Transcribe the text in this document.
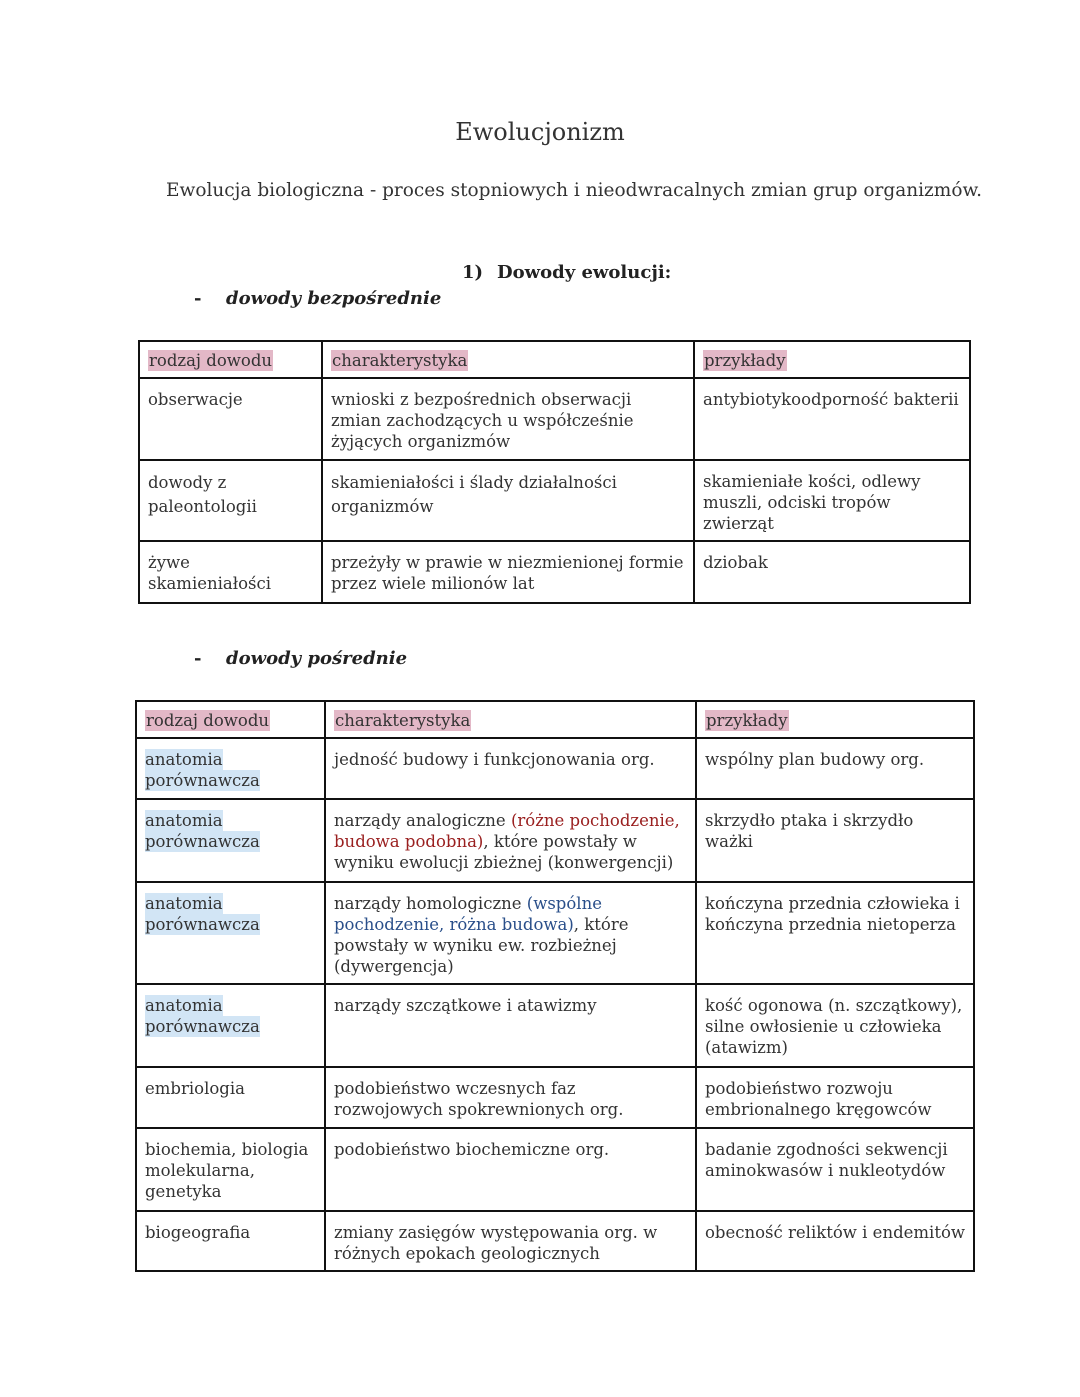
Ewolucjonizm
Ewolucja biologiczna - proces stopniowych i nieodwracalnych zmian grup organizmów.
1) Dowody ewolucji:
- dowody bezpośrednie
rodzaj dowodu	charakterystyka	przykłady
obserwacje	wnioski z bezpośrednich obserwacji zmian zachodzących u współcześnie żyjących organizmów	antybiotykoodporność bakterii
dowody z paleontologii	skamieniałości i ślady działalności organizmów	skamieniałe kości, odlewy muszli, odciski tropów zwierząt
żywe skamieniałości	przeżyły w prawie w niezmienionej formie przez wiele milionów lat	dziobak
- dowody pośrednie
rodzaj dowodu	charakterystyka	przykłady
anatomia porównawcza	jedność budowy i funkcjonowania org.	wspólny plan budowy org.
anatomia porównawcza	narządy analogiczne (różne pochodzenie, budowa podobna), które powstały w wyniku ewolucji zbieżnej (konwergencji)	skrzydło ptaka i skrzydło ważki
anatomia porównawcza	narządy homologiczne (wspólne pochodzenie, różna budowa), które powstały w wyniku ew. rozbieżnej (dywergencja)	kończyna przednia człowieka i kończyna przednia nietoperza
anatomia porównawcza	narządy szczątkowe i atawizmy	kość ogonowa (n. szczątkowy), silne owłosienie u człowieka (atawizm)
embriologia	podobieństwo wczesnych faz rozwojowych spokrewnionych org.	podobieństwo rozwoju embrionalnego kręgowców
biochemia, biologia molekularna, genetyka	podobieństwo biochemiczne org.	badanie zgodności sekwencji aminokwasów i nukleotydów
biogeografia	zmiany zasięgów występowania org. w różnych epokach geologicznych	obecność reliktów i endemitów
